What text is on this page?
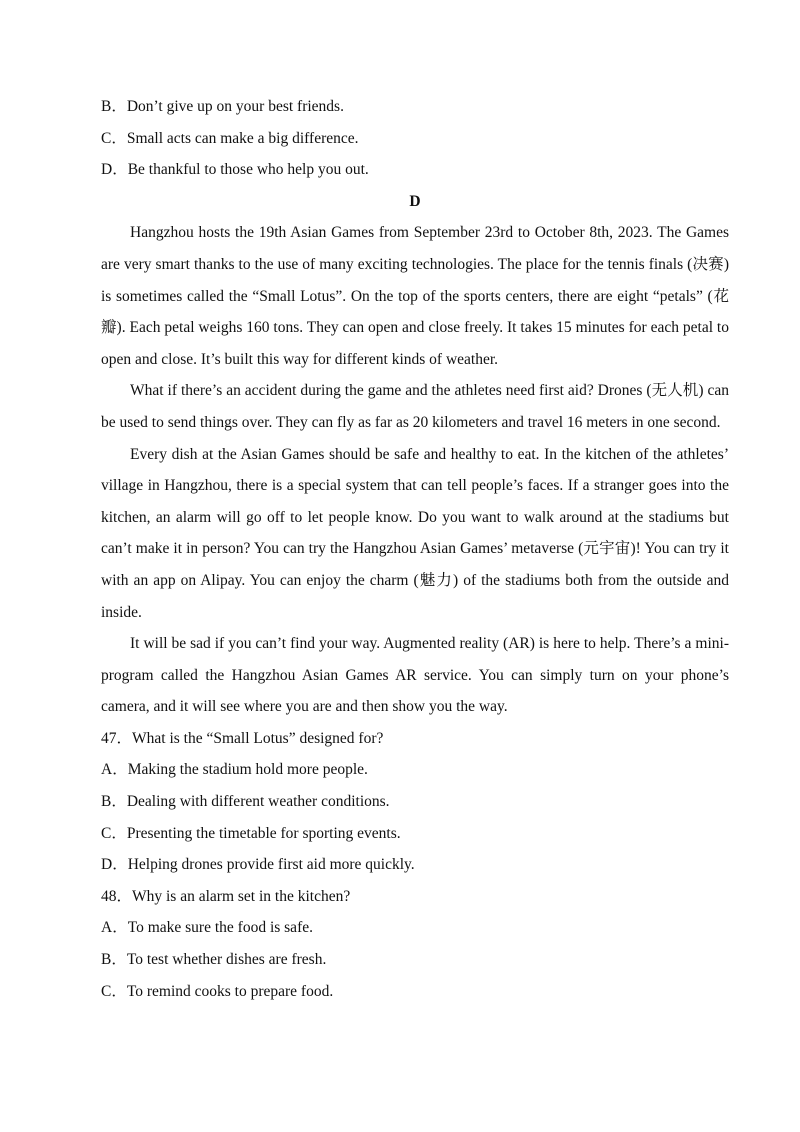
B．Don’t give up on your best friends.

C．Small acts can make a big difference.

D．Be thankful to those who help you out.

D

Hangzhou hosts the 19th Asian Games from September 23rd to October 8th, 2023. The Games are very smart thanks to the use of many exciting technologies. The place for the tennis finals (决赛) is sometimes called the “Small Lotus”. On the top of the sports centers, there are eight “petals” (花瓣). Each petal weighs 160 tons. They can open and close freely. It takes 15 minutes for each petal to open and close. It’s built this way for different kinds of weather.

What if there’s an accident during the game and the athletes need first aid? Drones (无人机) can be used to send things over. They can fly as far as 20 kilometers and travel 16 meters in one second.

Every dish at the Asian Games should be safe and healthy to eat. In the kitchen of the athletes’ village in Hangzhou, there is a special system that can tell people’s faces. If a stranger goes into the kitchen, an alarm will go off to let people know. Do you want to walk around at the stadiums but can’t make it in person? You can try the Hangzhou Asian Games’ metaverse (元宇宙)! You can try it with an app on Alipay. You can enjoy the charm (魅力) of the stadiums both from the outside and inside.

It will be sad if you can’t find your way. Augmented reality (AR) is here to help. There’s a mini-program called the Hangzhou Asian Games AR service. You can simply turn on your phone’s camera, and it will see where you are and then show you the way.

47．What is the “Small Lotus” designed for?

A．Making the stadium hold more people.

B．Dealing with different weather conditions.

C．Presenting the timetable for sporting events.

D．Helping drones provide first aid more quickly.

48．Why is an alarm set in the kitchen?

A．To make sure the food is safe.

B．To test whether dishes are fresh.

C．To remind cooks to prepare food.
